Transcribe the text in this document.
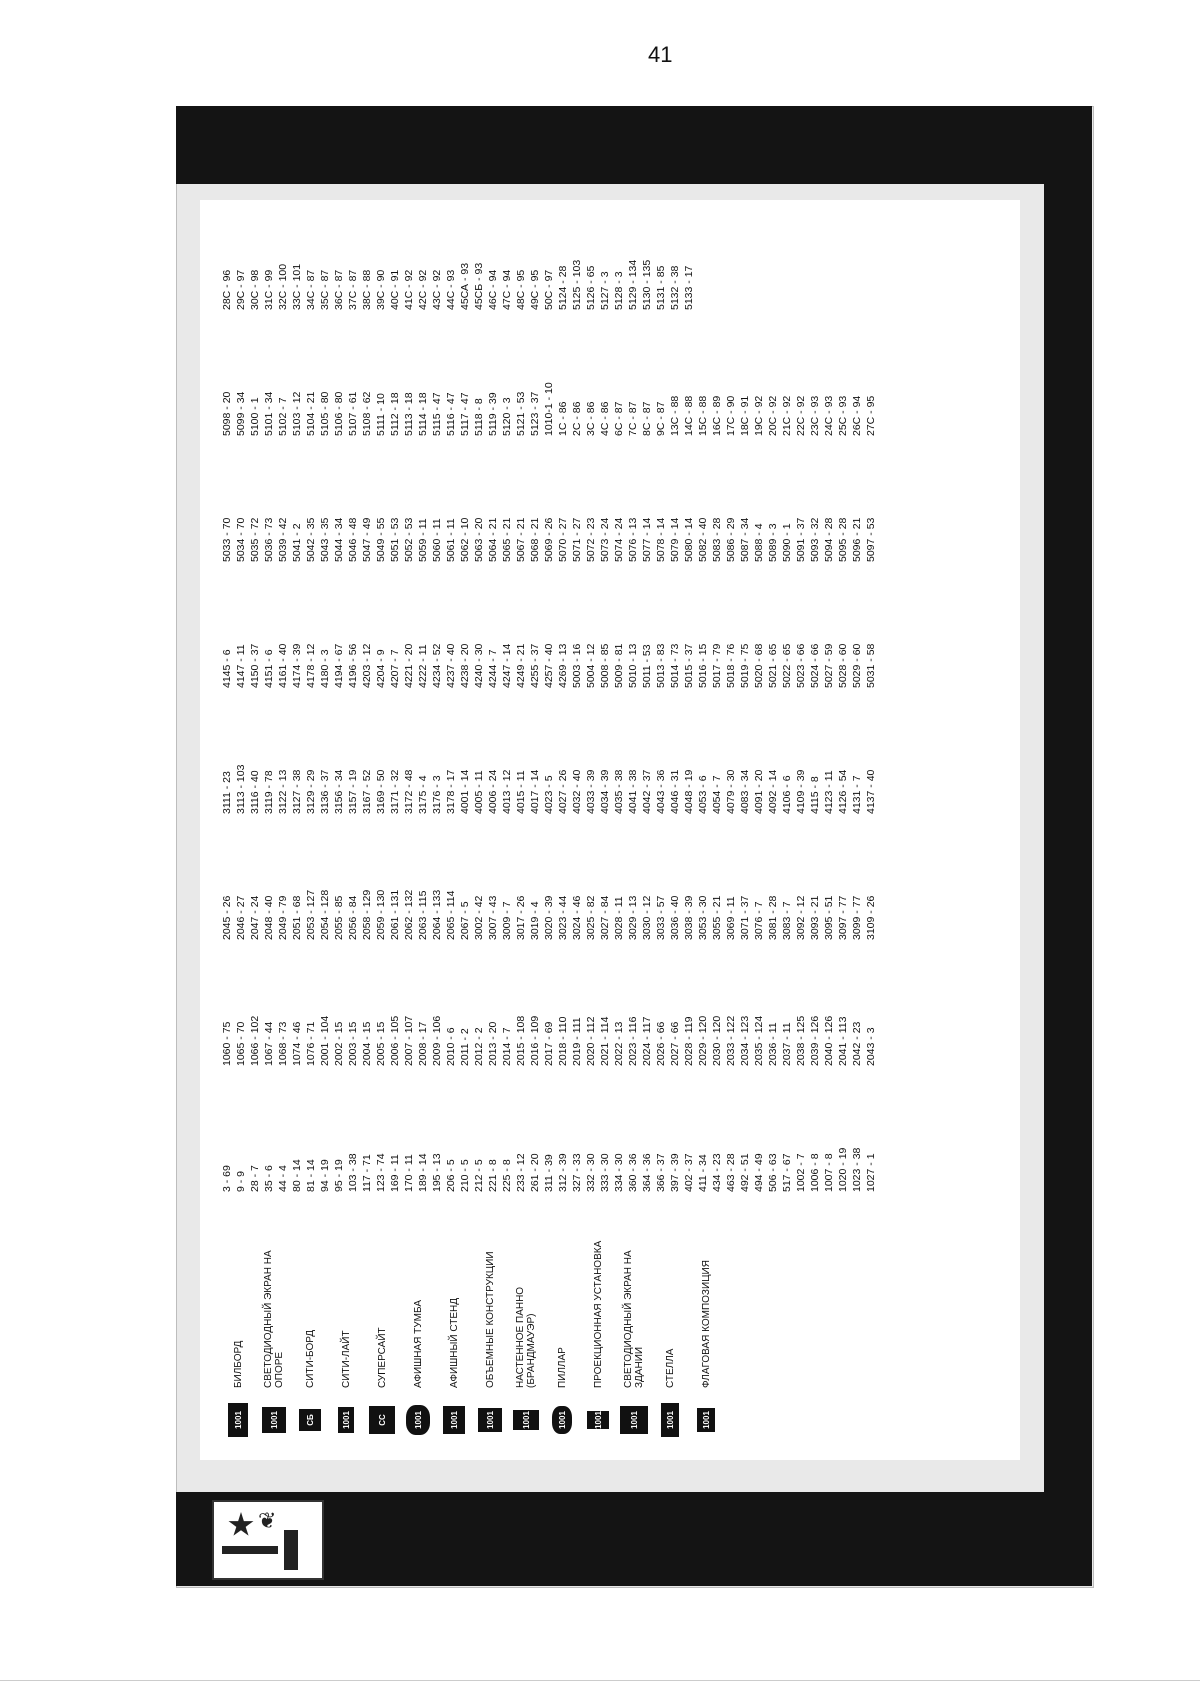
41
❦
1001
БИЛБОРД
1001
СВЕТОДИОДНЫЙ ЭКРАН НА ОПОРЕ
СБ
СИТИ-БОРД
1001
СИТИ-ЛАЙТ
СС
СУПЕРСАЙТ
1001
АФИШНАЯ ТУМБА
1001
АФИШНЫЙ СТЕНД
1001
ОБЪЕМНЫЕ КОНСТРУКЦИИ
1001
НАСТЕННОЕ ПАННО (БРАНДМАУЭР)
1001
ПИЛЛАР
1001
ПРОЕКЦИОННАЯ УСТАНОВКА
1001
СВЕТОДИОДНЫЙ ЭКРАН НА ЗДАНИИ
1001
СТЕЛЛА
1001
ФЛАГОВАЯ КОМПОЗИЦИЯ
3 - 69 9 - 9 28 - 7 35 - 6 44 - 4 80 - 14 81 - 14 94 - 19 95 - 19 103 - 38 117 - 71 123 - 74 169 - 11 170 - 11 189 - 14 195 - 13 206 - 5 210 - 5 212 - 5 221 - 8 225 - 8 233 - 12 261 - 20 311 - 39 312 - 39 327 - 33 332 - 30 333 - 30 334 - 30 360 - 36 364 - 36 366 - 37 397 - 39 402 - 37 411 - 34 434 - 23 463 - 28 492 - 51 494 - 49 506 - 63 517 - 67 1002 - 7 1006 - 8 1007 - 8 1020 - 19 1023 - 38 1027 - 1
1060 - 75 1065 - 70 1066 - 102 1067 - 44 1068 - 73 1074 - 46 1076 - 71 2001 - 104 2002 - 15 2003 - 15 2004 - 15 2005 - 15 2006 - 105 2007 - 107 2008 - 17 2009 - 106 2010 - 6 2011 - 2 2012 - 2 2013 - 20 2014 - 7 2015 - 108 2016 - 109 2017 - 69 2018 - 110 2019 - 111 2020 - 112 2021 - 114 2022 - 13 2023 - 116 2024 - 117 2026 - 66 2027 - 66 2028 - 119 2029 - 120 2030 - 120 2033 - 122 2034 - 123 2035 - 124 2036 - 11 2037 - 11 2038 - 125 2039 - 126 2040 - 126 2041 - 113 2042 - 23 2043 - 3
2045 - 26 2046 - 27 2047 - 24 2048 - 40 2049 - 79 2051 - 68 2053 - 127 2054 - 128 2055 - 85 2056 - 84 2058 - 129 2059 - 130 2061 - 131 2062 - 132 2063 - 115 2064 - 133 2065 - 114 2067 - 5 3002 - 42 3007 - 43 3009 - 7 3017 - 26 3019 - 4 3020 - 39 3023 - 44 3024 - 46 3025 - 82 3027 - 84 3028 - 11 3029 - 13 3030 - 12 3033 - 57 3036 - 40 3038 - 39 3053 - 30 3055 - 21 3069 - 11 3071 - 37 3076 - 7 3081 - 28 3083 - 7 3092 - 12 3093 - 21 3095 - 51 3097 - 77 3099 - 77 3109 - 26
3111 - 23 3113 - 103 3116 - 40 3119 - 78 3122 - 13 3127 - 38 3129 - 29 3136 - 37 3156 - 34 3157 - 19 3167 - 52 3169 - 50 3171 - 32 3172 - 48 3175 - 4 3176 - 3 3178 - 17 4001 - 14 4005 - 11 4006 - 24 4013 - 12 4015 - 11 4017 - 14 4023 - 5 4027 - 26 4032 - 40 4033 - 39 4034 - 39 4035 - 38 4041 - 38 4042 - 37 4043 - 36 4046 - 31 4048 - 19 4053 - 6 4054 - 7 4079 - 30 4083 - 34 4091 - 20 4092 - 14 4106 - 6 4109 - 39 4115 - 8 4123 - 11 4126 - 54 4131 - 7 4137 - 40
4145 - 6 4147 - 11 4150 - 37 4151 - 6 4161 - 40 4174 - 39 4178 - 12 4180 - 3 4194 - 67 4196 - 56 4203 - 12 4204 - 9 4207 - 7 4221 - 20 4222 - 11 4234 - 52 4237 - 40 4238 - 20 4240 - 30 4244 - 7 4247 - 14 4249 - 21 4255 - 37 4257 - 40 4269 - 13 5003 - 16 5004 - 12 5008 - 85 5009 - 81 5010 - 13 5011 - 53 5013 - 83 5014 - 73 5015 - 37 5016 - 15 5017 - 79 5018 - 76 5019 - 75 5020 - 68 5021 - 65 5022 - 65 5023 - 66 5024 - 66 5027 - 59 5028 - 60 5029 - 60 5031 - 58
5033 - 70 5034 - 70 5035 - 72 5036 - 73 5039 - 42 5041 - 2 5042 - 35 5043 - 35 5044 - 34 5046 - 48 5047 - 49 5049 - 55 5051 - 53 5052 - 53 5059 - 11 5060 - 11 5061 - 11 5062 - 10 5063 - 20 5064 - 21 5065 - 21 5067 - 21 5068 - 21 5069 - 26 5070 - 27 5071 - 27 5072 - 23 5073 - 24 5074 - 24 5076 - 13 5077 - 14 5078 - 14 5079 - 14 5080 - 14 5082 - 40 5083 - 28 5086 - 29 5087 - 34 5088 - 4 5089 - 3 5090 - 1 5091 - 37 5093 - 32 5094 - 28 5095 - 28 5096 - 21 5097 - 53
5098 - 20 5099 - 34 5100 - 1 5101 - 34 5102 - 7 5103 - 12 5104 - 21 5105 - 80 5106 - 80 5107 - 61 5108 - 62 5111 - 10 5112 - 18 5113 - 18 5114 - 18 5115 - 47 5116 - 47 5117 - 47 5118 - 8 5119 - 39 5120 - 3 5121 - 53 5123 - 37 1010-1 - 10 1С - 86 2С - 86 3С - 86 4С - 86 6С - 87 7С - 87 8С - 87 9С - 87 13С - 88 14С - 88 15С - 88 16С - 89 17С - 90 18С - 91 19С - 92 20С - 92 21С - 92 22С - 92 23С - 93 24С - 93 25С - 93 26С - 94 27С - 95
28С - 96 29С - 97 30С - 98 31С - 99 32С - 100 33С - 101 34С - 87 35С - 87 36С - 87 37С - 87 38С - 88 39С - 90 40С - 91 41С - 92 42С - 92 43С - 92 44С - 93 45СА - 93 45СБ - 93 46С - 94 47С - 94 48С - 95 49С - 95 50С - 97 5124 - 28 5125 - 103 5126 - 65 5127 - 3 5128 - 3 5129 - 134 5130 - 135 5131 - 85 5132 - 38 5133 - 17
